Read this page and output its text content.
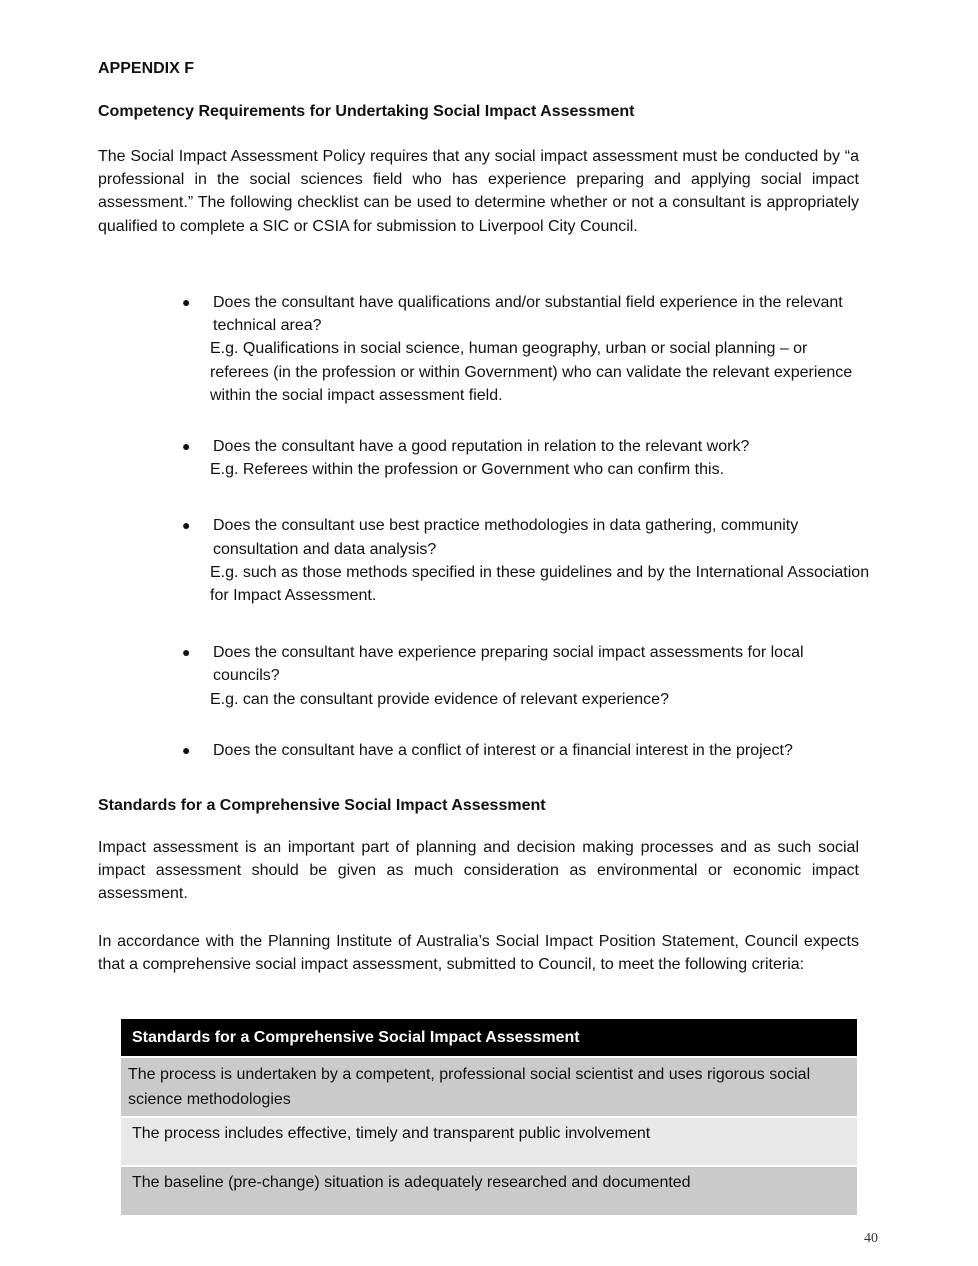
APPENDIX F
Competency Requirements for Undertaking Social Impact Assessment

The Social Impact Assessment Policy requires that any social impact assessment must be conducted by “a professional in the social sciences field who has experience preparing and applying social impact assessment.” The following checklist can be used to determine whether or not a consultant is appropriately qualified to complete a SIC or CSIA for submission to Liverpool City Council.

● Does the consultant have qualifications and/or substantial field experience in the relevant technical area?
E.g. Qualifications in social science, human geography, urban or social planning – or referees (in the profession or within Government) who can validate the relevant experience within the social impact assessment field.
● Does the consultant have a good reputation in relation to the relevant work?
E.g. Referees within the profession or Government who can confirm this.
● Does the consultant use best practice methodologies in data gathering, community consultation and data analysis?
E.g. such as those methods specified in these guidelines and by the International Association for Impact Assessment.
● Does the consultant have experience preparing social impact assessments for local councils?
E.g. can the consultant provide evidence of relevant experience?
● Does the consultant have a conflict of interest or a financial interest in the project?
Standards for a Comprehensive Social Impact Assessment

Impact assessment is an important part of planning and decision making processes and as such social impact assessment should be given as much consideration as environmental or economic impact assessment.

In accordance with the Planning Institute of Australia’s Social Impact Position Statement, Council expects that a comprehensive social impact assessment, submitted to Council, to meet the following criteria:

Standards for a Comprehensive Social Impact Assessment
The process is undertaken by a competent, professional social scientist and uses rigorous social science methodologies
The process includes effective, timely and transparent public involvement
The baseline (pre-change) situation is adequately researched and documented
40
